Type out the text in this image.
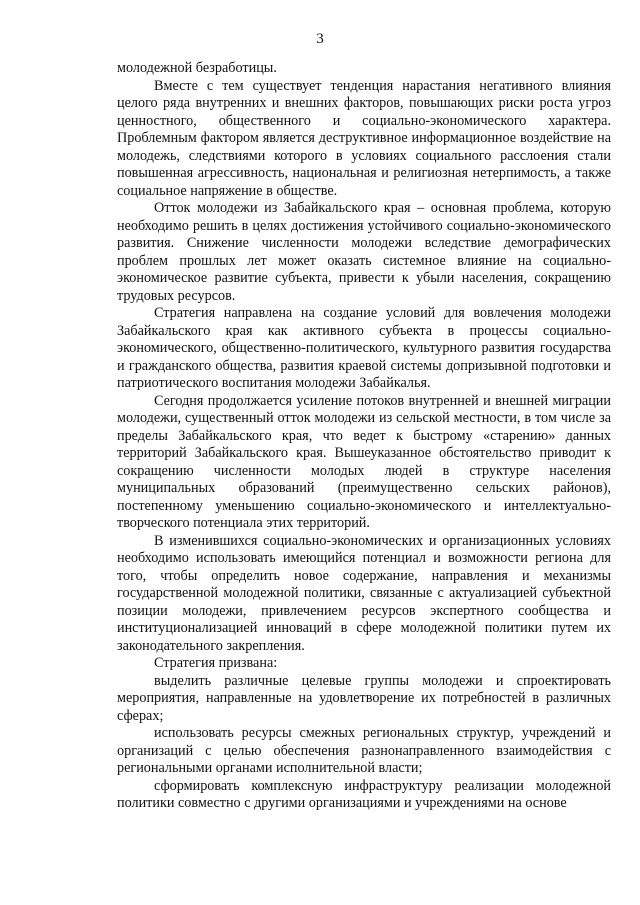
3

молодежной безработицы.

Вместе с тем существует тенденция нарастания негативного влияния целого ряда внутренних и внешних факторов, повышающих риски роста угроз ценностного, общественного и социально-экономического характера. Проблемным фактором является деструктивное информационное воздействие на молодежь, следствиями которого в условиях социального расслоения стали повышенная агрессивность, национальная и религиозная нетерпимость, а также социальное напряжение в обществе.

Отток молодежи из Забайкальского края – основная проблема, которую необходимо решить в целях достижения устойчивого социально-экономического развития. Снижение численности молодежи вследствие демографических проблем прошлых лет может оказать системное влияние на социально-экономическое развитие субъекта, привести к убыли населения, сокращению трудовых ресурсов.

Стратегия направлена на создание условий для вовлечения молодежи Забайкальского края как активного субъекта в процессы социально-экономического, общественно-политического, культурного развития государства и гражданского общества, развития краевой системы допризывной подготовки и патриотического воспитания молодежи Забайкалья.

Сегодня продолжается усиление потоков внутренней и внешней миграции молодежи, существенный отток молодежи из сельской местности, в том числе за пределы Забайкальского края, что ведет к быстрому «старению» данных территорий Забайкальского края. Вышеуказанное обстоятельство приводит к сокращению численности молодых людей в структуре населения муниципальных образований (преимущественно сельских районов), постепенному уменьшению социально-экономического и интеллектуально-творческого потенциала этих территорий.

В изменившихся социально-экономических и организационных условиях необходимо использовать имеющийся потенциал и возможности региона для того, чтобы определить новое содержание, направления и механизмы государственной молодежной политики, связанные с актуализацией субъектной позиции молодежи, привлечением ресурсов экспертного сообщества и институционализацией инноваций в сфере молодежной политики путем их законодательного закрепления.

Стратегия призвана:

выделить различные целевые группы молодежи и спроектировать мероприятия, направленные на удовлетворение их потребностей в различных сферах;

использовать ресурсы смежных региональных структур, учреждений и организаций с целью обеспечения разнонаправленного взаимодействия с региональными органами исполнительной власти;

сформировать комплексную инфраструктуру реализации молодежной политики совместно с другими организациями и учреждениями на основе
